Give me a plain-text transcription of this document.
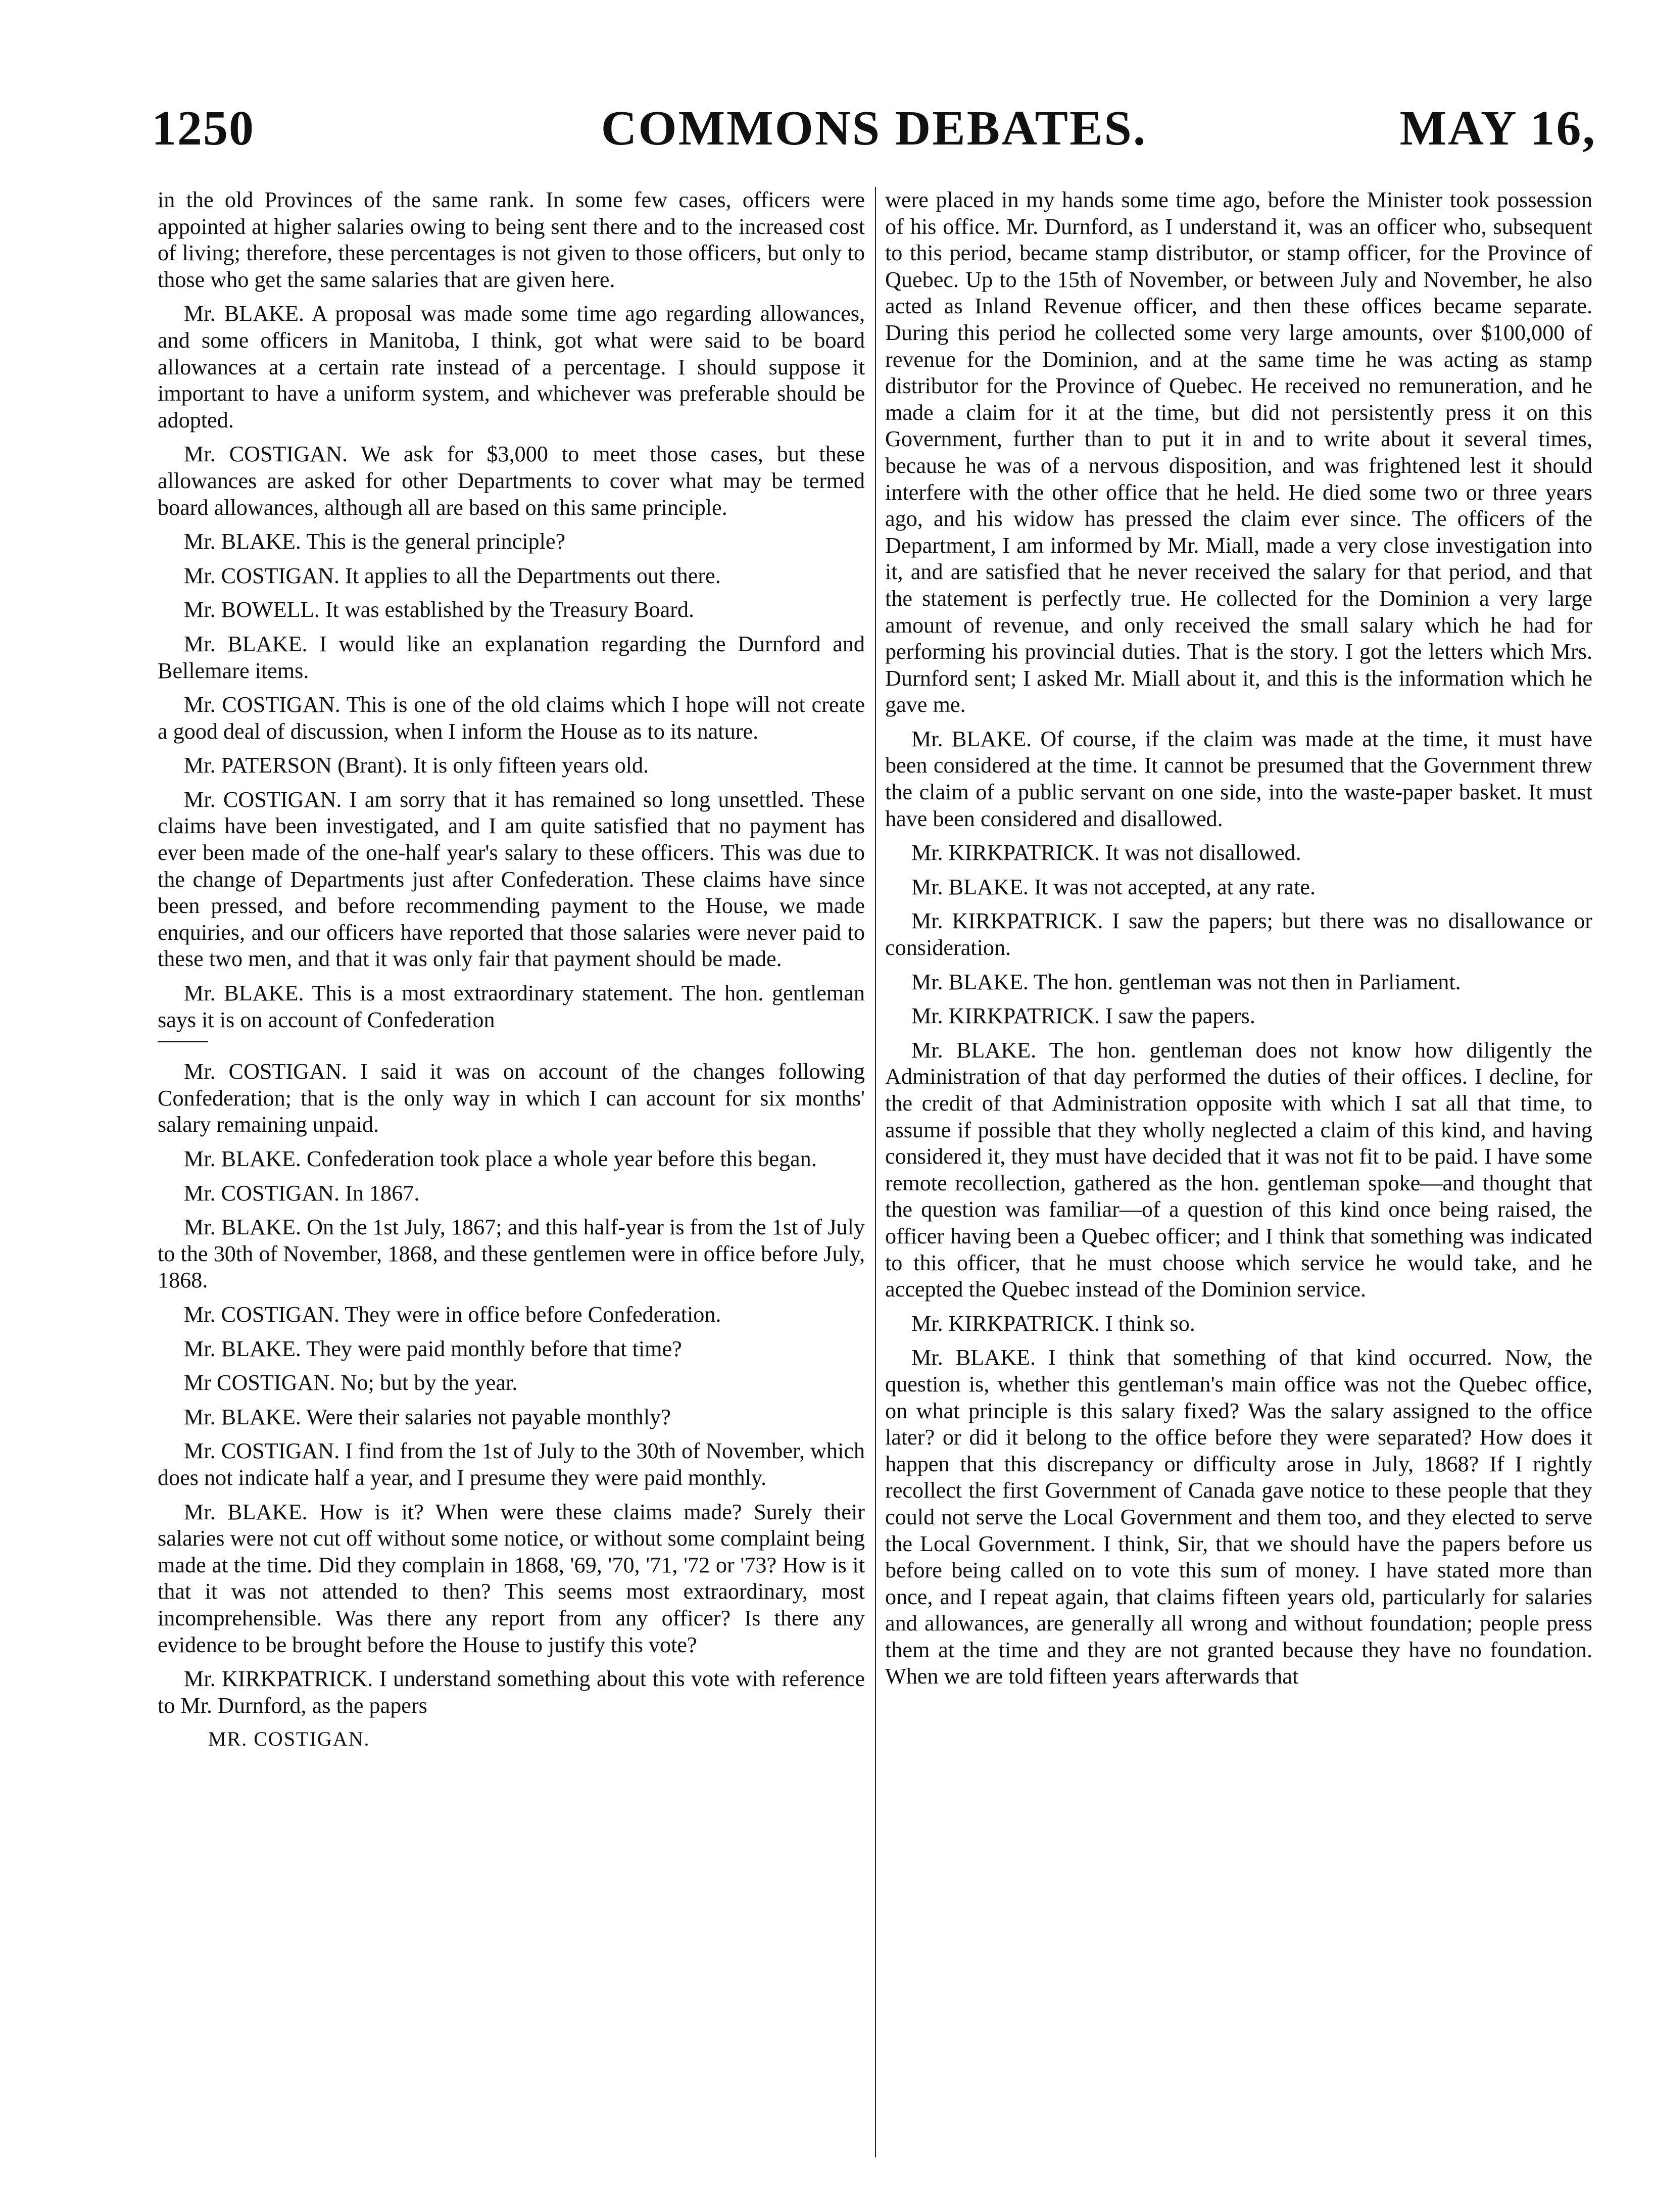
1250	COMMONS DEBATES.	MAY 16,

in the old Provinces of the same rank. In some few cases, officers were appointed at higher salaries owing to being sent there and to the increased cost of living; therefore, these percentages is not given to those officers, but only to those who get the same salaries that are given here.

Mr. BLAKE. A proposal was made some time ago regarding allowances, and some officers in Manitoba, I think, got what were said to be board allowances at a certain rate instead of a percentage. I should suppose it important to have a uniform system, and whichever was preferable should be adopted.

Mr. COSTIGAN. We ask for $3,000 to meet those cases, but these allowances are asked for other Departments to cover what may be termed board allowances, although all are based on this same principle.

Mr. BLAKE. This is the general principle?

Mr. COSTIGAN. It applies to all the Departments out there.

Mr. BOWELL. It was established by the Treasury Board.

Mr. BLAKE. I would like an explanation regarding the Durnford and Bellemare items.

Mr. COSTIGAN. This is one of the old claims which I hope will not create a good deal of discussion, when I inform the House as to its nature.

Mr. PATERSON (Brant). It is only fifteen years old.

Mr. COSTIGAN. I am sorry that it has remained so long unsettled. These claims have been investigated, and I am quite satisfied that no payment has ever been made of the one-half year's salary to these officers. This was due to the change of Departments just after Confederation. These claims have since been pressed, and before recommending payment to the House, we made enquiries, and our officers have reported that those salaries were never paid to these two men, and that it was only fair that payment should be made.

Mr. BLAKE. This is a most extraordinary statement. The hon. gentleman says it is on account of Confederation

Mr. COSTIGAN. I said it was on account of the changes following Confederation; that is the only way in which I can account for six months' salary remaining unpaid.

Mr. BLAKE. Confederation took place a whole year before this began.

Mr. COSTIGAN. In 1867.

Mr. BLAKE. On the 1st July, 1867; and this half-year is from the 1st of July to the 30th of November, 1868, and these gentlemen were in office before July, 1868.

Mr. COSTIGAN. They were in office before Confederation.

Mr. BLAKE. They were paid monthly before that time?

Mr COSTIGAN. No; but by the year.

Mr. BLAKE. Were their salaries not payable monthly?

Mr. COSTIGAN. I find from the 1st of July to the 30th of November, which does not indicate half a year, and I presume they were paid monthly.

Mr. BLAKE. How is it? When were these claims made? Surely their salaries were not cut off without some notice, or without some complaint being made at the time. Did they complain in 1868, '69, '70, '71, '72 or '73? How is it that it was not attended to then? This seems most extraordinary, most incomprehensible. Was there any report from any officer? Is there any evidence to be brought before the House to justify this vote?

Mr. KIRKPATRICK. I understand something about this vote with reference to Mr. Durnford, as the papers

MR. COSTIGAN.

were placed in my hands some time ago, before the Minister took possession of his office. Mr. Durnford, as I understand it, was an officer who, subsequent to this period, became stamp distributor, or stamp officer, for the Province of Quebec. Up to the 15th of November, or between July and November, he also acted as Inland Revenue officer, and then these offices became separate. During this period he collected some very large amounts, over $100,000 of revenue for the Dominion, and at the same time he was acting as stamp distributor for the Province of Quebec. He received no remuneration, and he made a claim for it at the time, but did not persistently press it on this Government, further than to put it in and to write about it several times, because he was of a nervous disposition, and was frightened lest it should interfere with the other office that he held. He died some two or three years ago, and his widow has pressed the claim ever since. The officers of the Department, I am informed by Mr. Miall, made a very close investigation into it, and are satisfied that he never received the salary for that period, and that the statement is perfectly true. He collected for the Dominion a very large amount of revenue, and only received the small salary which he had for performing his provincial duties. That is the story. I got the letters which Mrs. Durnford sent; I asked Mr. Miall about it, and this is the information which he gave me.

Mr. BLAKE. Of course, if the claim was made at the time, it must have been considered at the time. It cannot be presumed that the Government threw the claim of a public servant on one side, into the waste-paper basket. It must have been considered and disallowed.

Mr. KIRKPATRICK. It was not disallowed.

Mr. BLAKE. It was not accepted, at any rate.

Mr. KIRKPATRICK. I saw the papers; but there was no disallowance or consideration.

Mr. BLAKE. The hon. gentleman was not then in Parliament.

Mr. KIRKPATRICK. I saw the papers.

Mr. BLAKE. The hon. gentleman does not know how diligently the Administration of that day performed the duties of their offices. I decline, for the credit of that Administration opposite with which I sat all that time, to assume if possible that they wholly neglected a claim of this kind, and having considered it, they must have decided that it was not fit to be paid. I have some remote recollection, gathered as the hon. gentleman spoke—and thought that the question was familiar—of a question of this kind once being raised, the officer having been a Quebec officer; and I think that something was indicated to this officer, that he must choose which service he would take, and he accepted the Quebec instead of the Dominion service.

Mr. KIRKPATRICK. I think so.

Mr. BLAKE. I think that something of that kind occurred. Now, the question is, whether this gentleman's main office was not the Quebec office, on what principle is this salary fixed? Was the salary assigned to the office later? or did it belong to the office before they were separated? How does it happen that this discrepancy or difficulty arose in July, 1868? If I rightly recollect the first Government of Canada gave notice to these people that they could not serve the Local Government and them too, and they elected to serve the Local Government. I think, Sir, that we should have the papers before us before being called on to vote this sum of money. I have stated more than once, and I repeat again, that claims fifteen years old, particularly for salaries and allowances, are generally all wrong and without foundation; people press them at the time and they are not granted because they have no foundation. When we are told fifteen years afterwards that
